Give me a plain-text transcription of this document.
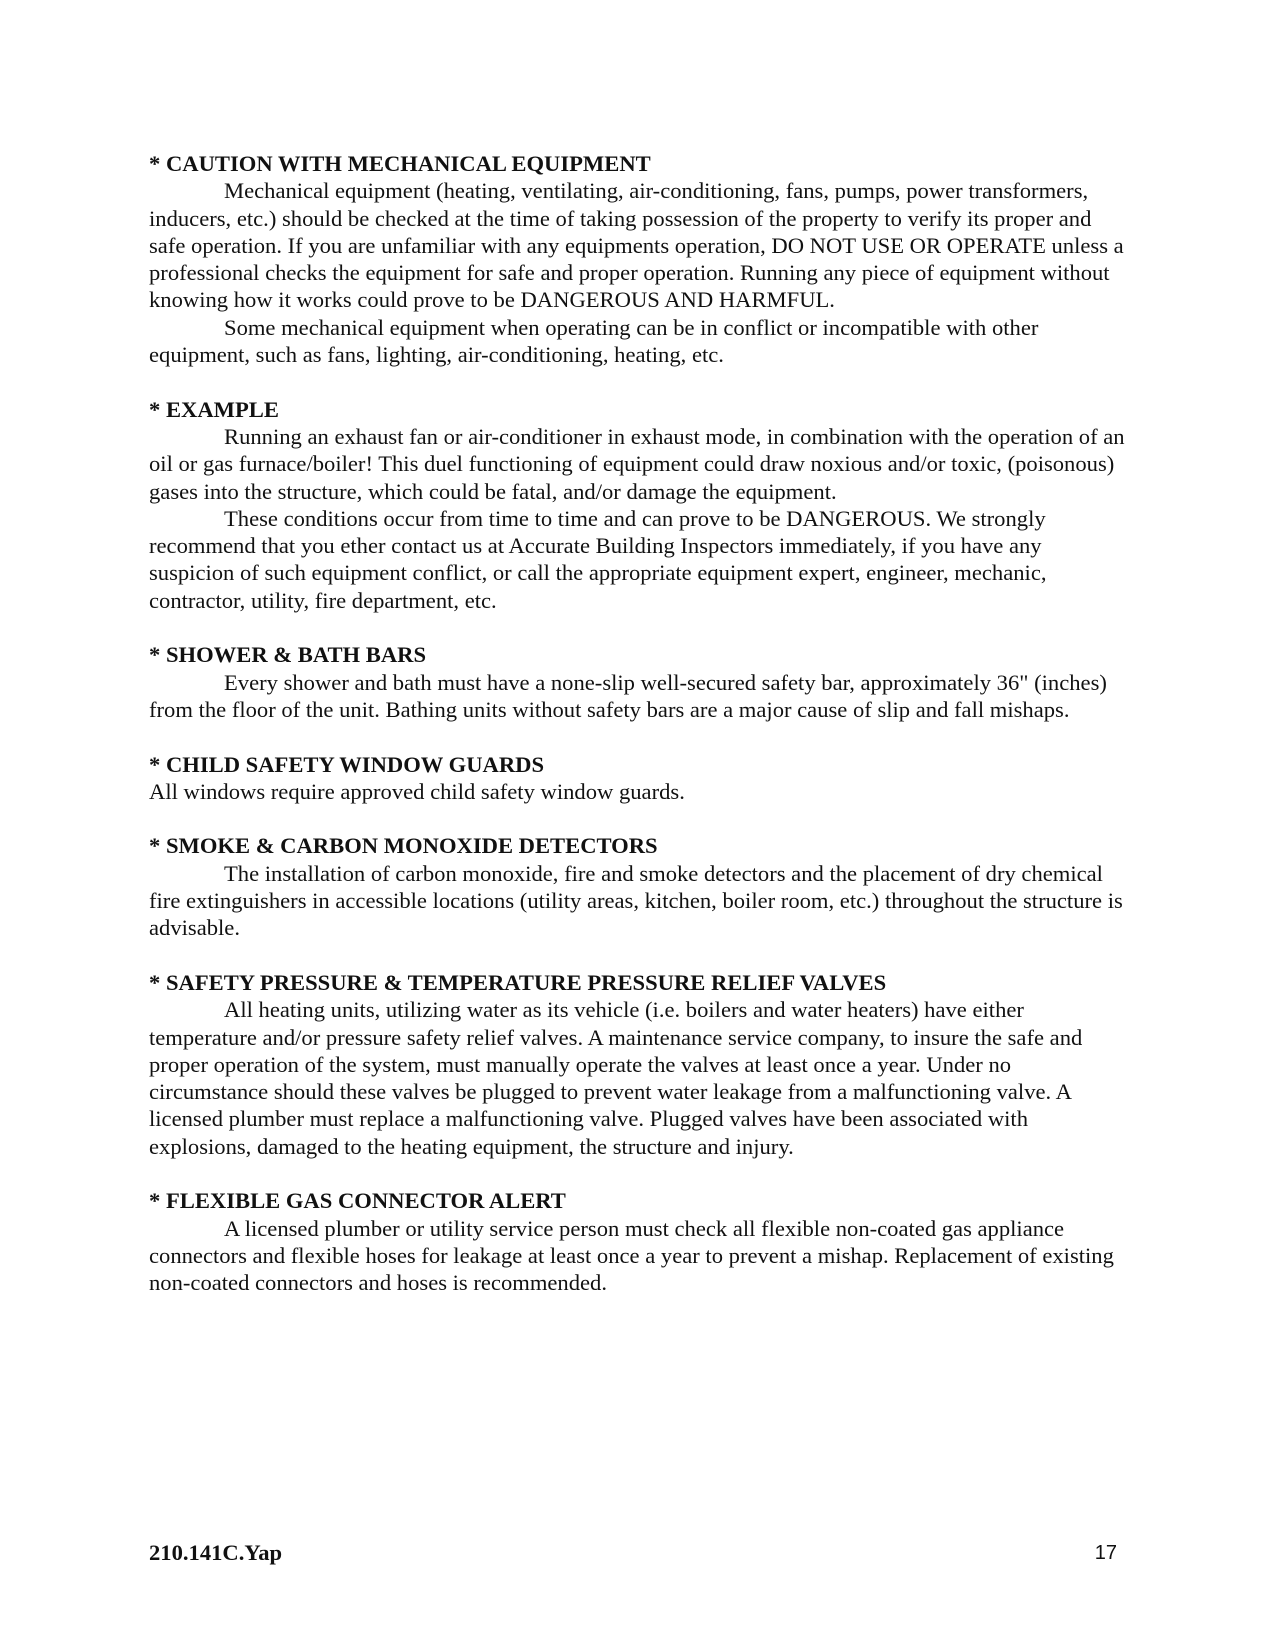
* CAUTION WITH MECHANICAL EQUIPMENT

Mechanical equipment (heating, ventilating, air-conditioning, fans, pumps, power transformers, inducers, etc.) should be checked at the time of taking possession of the property to verify its proper and safe operation. If you are unfamiliar with any equipments operation, DO NOT USE OR OPERATE unless a professional checks the equipment for safe and proper operation. Running any piece of equipment without knowing how it works could prove to be DANGEROUS AND HARMFUL.

Some mechanical equipment when operating can be in conflict or incompatible with other equipment, such as fans, lighting, air-conditioning, heating, etc.

* EXAMPLE

Running an exhaust fan or air-conditioner in exhaust mode, in combination with the operation of an oil or gas furnace/boiler! This duel functioning of equipment could draw noxious and/or toxic, (poisonous) gases into the structure, which could be fatal, and/or damage the equipment.

These conditions occur from time to time and can prove to be DANGEROUS. We strongly recommend that you ether contact us at Accurate Building Inspectors immediately, if you have any suspicion of such equipment conflict, or call the appropriate equipment expert, engineer, mechanic, contractor, utility, fire department, etc.

* SHOWER & BATH BARS

Every shower and bath must have a none-slip well-secured safety bar, approximately 36" (inches) from the floor of the unit. Bathing units without safety bars are a major cause of slip and fall mishaps.

* CHILD SAFETY WINDOW GUARDS

All windows require approved child safety window guards.

* SMOKE & CARBON MONOXIDE DETECTORS

The installation of carbon monoxide, fire and smoke detectors and the placement of dry chemical fire extinguishers in accessible locations (utility areas, kitchen, boiler room, etc.) throughout the structure is advisable.

* SAFETY PRESSURE & TEMPERATURE PRESSURE RELIEF VALVES

All heating units, utilizing water as its vehicle (i.e. boilers and water heaters) have either temperature and/or pressure safety relief valves. A maintenance service company, to insure the safe and proper operation of the system, must manually operate the valves at least once a year. Under no circumstance should these valves be plugged to prevent water leakage from a malfunctioning valve. A licensed plumber must replace a malfunctioning valve. Plugged valves have been associated with explosions, damaged to the heating equipment, the structure and injury.

* FLEXIBLE GAS CONNECTOR ALERT

A licensed plumber or utility service person must check all flexible non-coated gas appliance connectors and flexible hoses for leakage at least once a year to prevent a mishap. Replacement of existing non-coated connectors and hoses is recommended.

210.141C.Yap	17
